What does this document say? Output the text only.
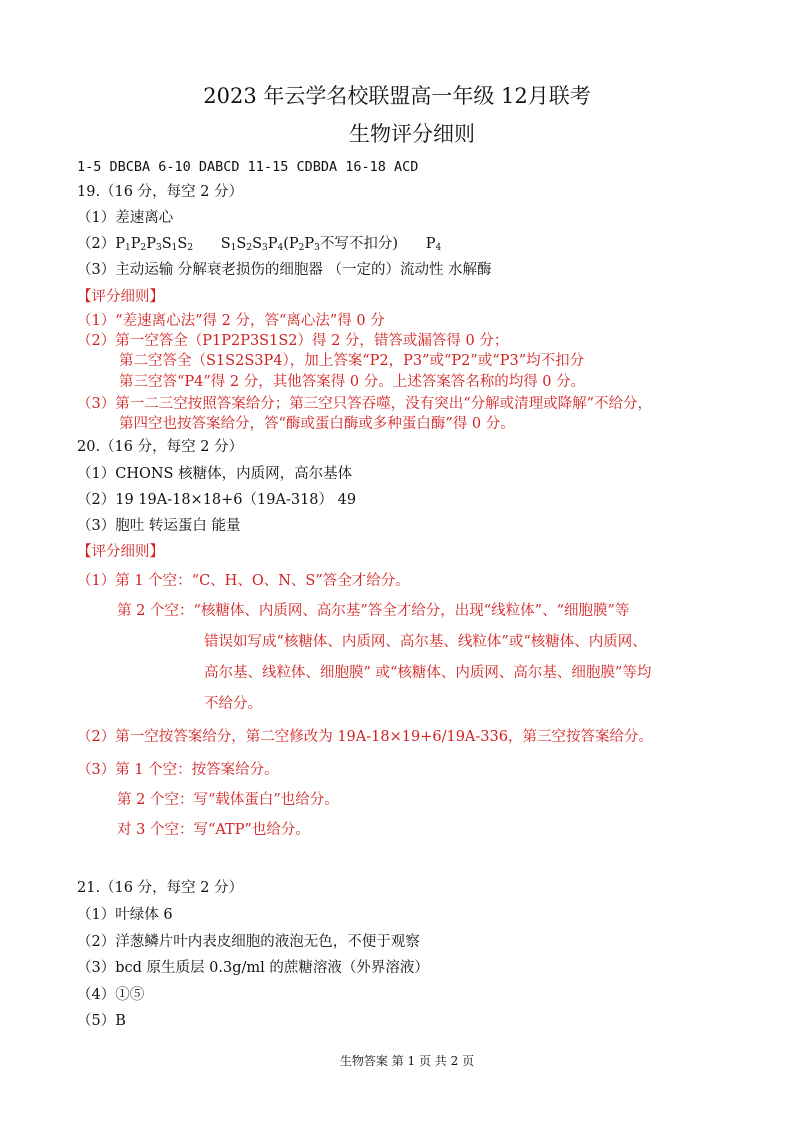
2023 年云学名校联盟高一年级 12月联考
生物评分细则
1-5 DBCBA 6-10 DABCD 11-15 CDBDA 16-18 ACD
19.（16 分，每空 2 分）
（1）差速离心
$(2)P_1P_2P_3S_1S_2$ $S_1S_2S_3P_4(P_2P_3$不写不扣分) $P_4$
（3）主动运输 分解衰老损伤的细胞器 （一定的）流动性 水解酶
【评分细则】
（1）“差速离心法”得 2 分，答“离心法”得 0 分
（2）第一空答全（P1P2P3S1S2）得 2 分，错答或漏答得 0 分；
第二空答全（S1S2S3P4），加上答案“P2，P3”或“P2”或“P3”均不扣分
第三空答“P4”得 2 分，其他答案得 0 分。上述答案答名称的均得 0 分。
（3）第一二三空按照答案给分；第三空只答吞噬，没有突出“分解或清理或降解”不给分，
第四空也按答案给分，答“酶或蛋白酶或多种蛋白酶”得 0 分。
20.（16 分，每空 2 分）
（1）CHONS 核糖体，内质网，高尔基体
（2）19 19A-18×18+6（19A-318） 49
（3）胞吐 转运蛋白 能量
【评分细则】
（1）第 1 个空：“C、H、O、N、S”答全才给分。
第 2 个空：“核糖体、内质网、高尔基”答全才给分，出现“线粒体”、“细胞膜”等
错误如写成“核糖体、内质网、高尔基、线粒体”或“核糖体、内质网、
高尔基、线粒体、细胞膜” 或“核糖体、内质网、高尔基、细胞膜”等均
不给分。
（2）第一空按答案给分，第二空修改为 19A-18×19+6/19A-336，第三空按答案给分。
（3）第 1 个空：按答案给分。
第 2 个空：写“载体蛋白”也给分。
对 3 个空：写“ATP”也给分。
21.（16 分，每空 2 分）
（1）叶绿体 6
（2）洋葱鳞片叶内表皮细胞的液泡无色，不便于观察
（3）bcd 原生质层 0.3g/ml 的蔗糖溶液（外界溶液）
（4）①⑤
（5）B
生物答案 第 1 页 共 2 页
